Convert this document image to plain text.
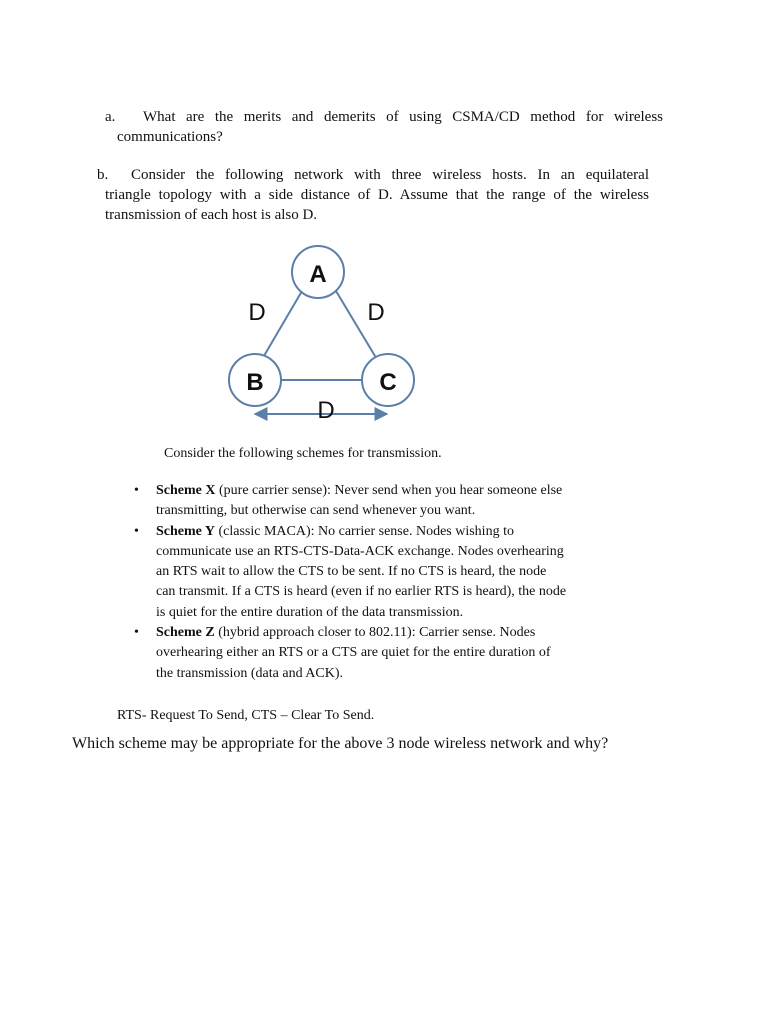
a. What are the merits and demerits of using CSMA/CD method for wireless
communications?
b. Consider the following network with three wireless hosts. In an equilateral
triangle topology with a side distance of D. Assume that the range of the wireless
transmission of each host is also D.
A
B	C
D	D
D
Consider the following schemes for transmission.
• Scheme X (pure carrier sense): Never send when you hear someone else
transmitting, but otherwise can send whenever you want.
• Scheme Y (classic MACA): No carrier sense. Nodes wishing to
communicate use an RTS-CTS-Data-ACK exchange. Nodes overhearing
an RTS wait to allow the CTS to be sent. If no CTS is heard, the node
can transmit. If a CTS is heard (even if no earlier RTS is heard), the node
is quiet for the entire duration of the data transmission.
• Scheme Z (hybrid approach closer to 802.11): Carrier sense. Nodes
overhearing either an RTS or a CTS are quiet for the entire duration of
the transmission (data and ACK).
RTS- Request To Send, CTS – Clear To Send.
Which scheme may be appropriate for the above 3 node wireless network and why?
